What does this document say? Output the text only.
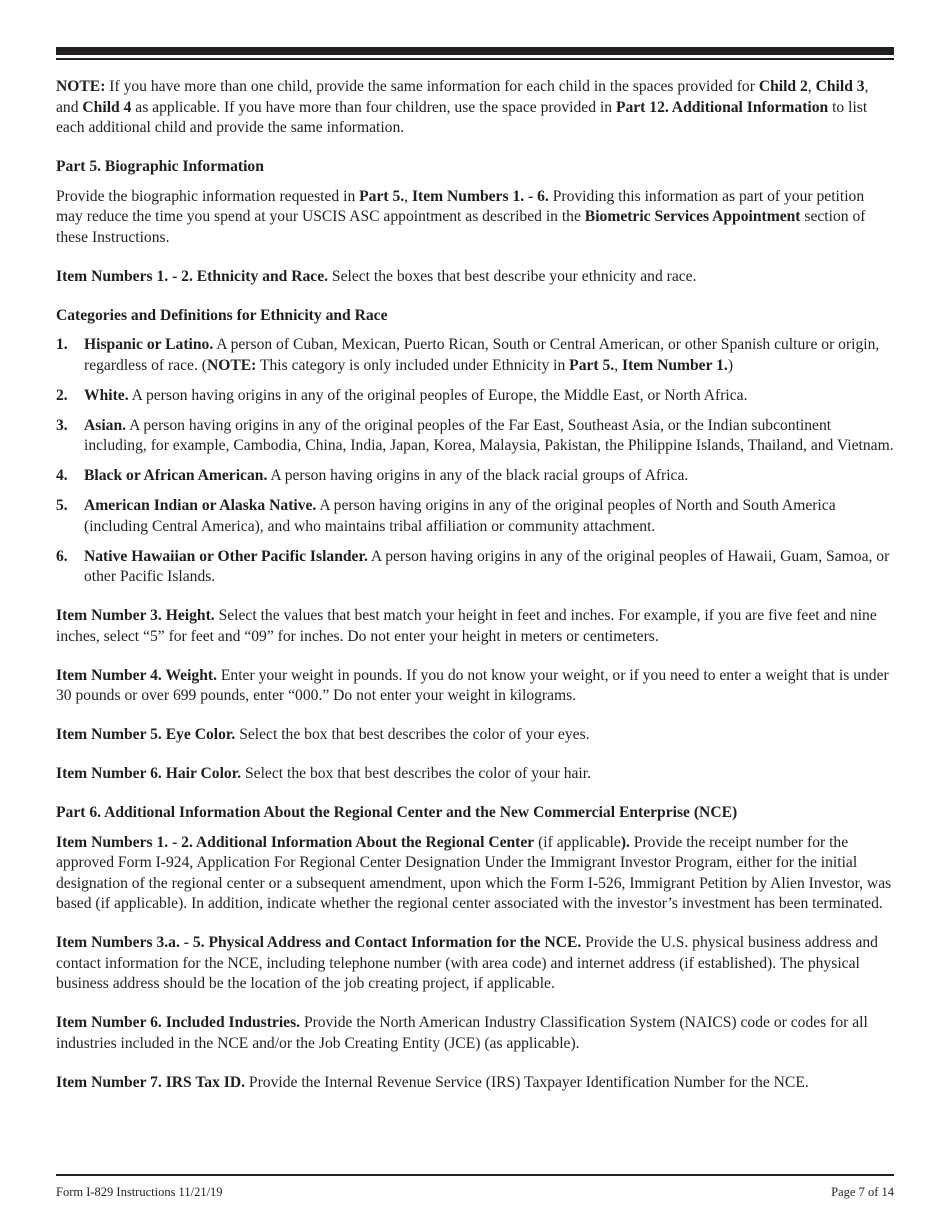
NOTE: If you have more than one child, provide the same information for each child in the spaces provided for Child 2, Child 3, and Child 4 as applicable. If you have more than four children, use the space provided in Part 12. Additional Information to list each additional child and provide the same information.

Part 5. Biographic Information

Provide the biographic information requested in Part 5., Item Numbers 1. - 6. Providing this information as part of your petition may reduce the time you spend at your USCIS ASC appointment as described in the Biometric Services Appointment section of these Instructions.

Item Numbers 1. - 2. Ethnicity and Race. Select the boxes that best describe your ethnicity and race.

Categories and Definitions for Ethnicity and Race

1. Hispanic or Latino. A person of Cuban, Mexican, Puerto Rican, South or Central American, or other Spanish culture or origin, regardless of race. (NOTE: This category is only included under Ethnicity in Part 5., Item Number 1.)
2. White. A person having origins in any of the original peoples of Europe, the Middle East, or North Africa.
3. Asian. A person having origins in any of the original peoples of the Far East, Southeast Asia, or the Indian subcontinent including, for example, Cambodia, China, India, Japan, Korea, Malaysia, Pakistan, the Philippine Islands, Thailand, and Vietnam.
4. Black or African American. A person having origins in any of the black racial groups of Africa.
5. American Indian or Alaska Native. A person having origins in any of the original peoples of North and South America (including Central America), and who maintains tribal affiliation or community attachment.
6. Native Hawaiian or Other Pacific Islander. A person having origins in any of the original peoples of Hawaii, Guam, Samoa, or other Pacific Islands.

Item Number 3. Height. Select the values that best match your height in feet and inches. For example, if you are five feet and nine inches, select “5” for feet and “09” for inches. Do not enter your height in meters or centimeters.

Item Number 4. Weight. Enter your weight in pounds. If you do not know your weight, or if you need to enter a weight that is under 30 pounds or over 699 pounds, enter “000.” Do not enter your weight in kilograms.

Item Number 5. Eye Color. Select the box that best describes the color of your eyes.

Item Number 6. Hair Color. Select the box that best describes the color of your hair.

Part 6. Additional Information About the Regional Center and the New Commercial Enterprise (NCE)

Item Numbers 1. - 2. Additional Information About the Regional Center (if applicable). Provide the receipt number for the approved Form I-924, Application For Regional Center Designation Under the Immigrant Investor Program, either for the initial designation of the regional center or a subsequent amendment, upon which the Form I-526, Immigrant Petition by Alien Investor, was based (if applicable). In addition, indicate whether the regional center associated with the investor’s investment has been terminated.

Item Numbers 3.a. - 5. Physical Address and Contact Information for the NCE. Provide the U.S. physical business address and contact information for the NCE, including telephone number (with area code) and internet address (if established). The physical business address should be the location of the job creating project, if applicable.

Item Number 6. Included Industries. Provide the North American Industry Classification System (NAICS) code or codes for all industries included in the NCE and/or the Job Creating Entity (JCE) (as applicable).

Item Number 7. IRS Tax ID. Provide the Internal Revenue Service (IRS) Taxpayer Identification Number for the NCE.

Form I-829 Instructions 11/21/19	Page 7 of 14
